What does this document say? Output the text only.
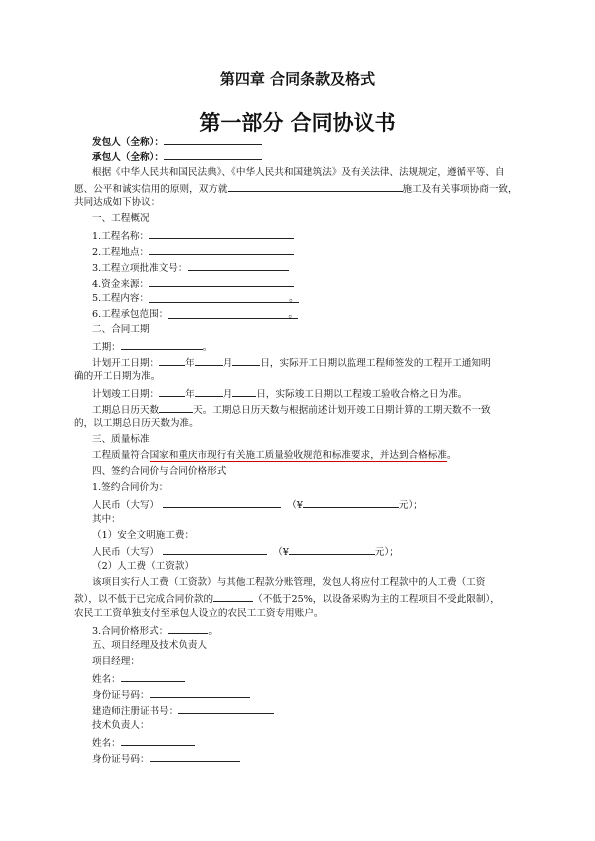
第四章 合同条款及格式
第一部分 合同协议书
发包人（全称）：
承包人（全称）：
根据《中华人民共和国民法典》、《中华人民共和国建筑法》及有关法律、法规规定，遵循平等、自
愿、公平和诚实信用的原则，双方就	施工及有关事项协商一致，
共同达成如下协议：
一、工程概况
1.工程名称：
2.工程地点：
3.工程立项批准文号：
4.资金来源：
5.工程内容：	。
6.工程承包范围：	。
二、合同工期
工期：	。
计划开工日期：	年	月	日，实际开工日期以监理工程师签发的工程开工通知明
确的开工日期为准。
计划竣工日期：	年	月	日，实际竣工日期以工程竣工验收合格之日为准。
工期总日历天数	天。工期总日历天数与根据前述计划开竣工日期计算的工期天数不一致
的，以工期总日历天数为准。
三、质量标准
工程质量符合国家和重庆市现行有关施工质量验收规范和标准要求，并达到合格标准。
四、签约合同价与合同价格形式
1.签约合同价为：
人民币（大写）	（¥	元）；
其中：
（1）安全文明施工费：
人民币（大写）	（¥	元）；
（2）人工费（工资款）
该项目实行人工费（工资款）与其他工程款分账管理，发包人将应付工程款中的人工费（工资
款），以不低于已完成合同价款的	（不低于25%，以设备采购为主的工程项目不受此限制），
农民工工资单独支付至承包人设立的农民工工资专用账户。
3.合同价格形式：	。
五、项目经理及技术负责人
项目经理：
姓名：
身份证号码：
建造师注册证书号：
技术负责人：
姓名：
身份证号码：
